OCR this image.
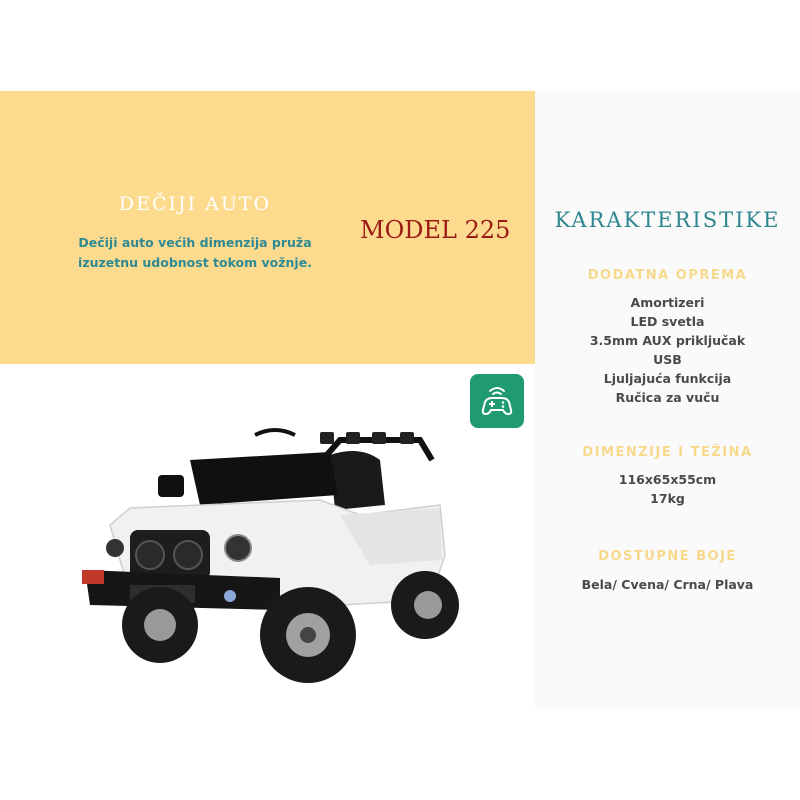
DEČIJI AUTO
Dečiji auto većih dimenzija pruža izuzetnu udobnost tokom vožnje.
MODEL 225	KARAKTERISTIKE
DODATNA OPREMA
Amortizeri
LED svetla
3.5mm AUX priključak
USB
Ljuljajuća funkcija
Ručica za vuču
DIMENZIJE I TEŽINA
116x65x55cm
17kg
DOSTUPNE BOJE
Bela/ Cvena/ Crna/ Plava
